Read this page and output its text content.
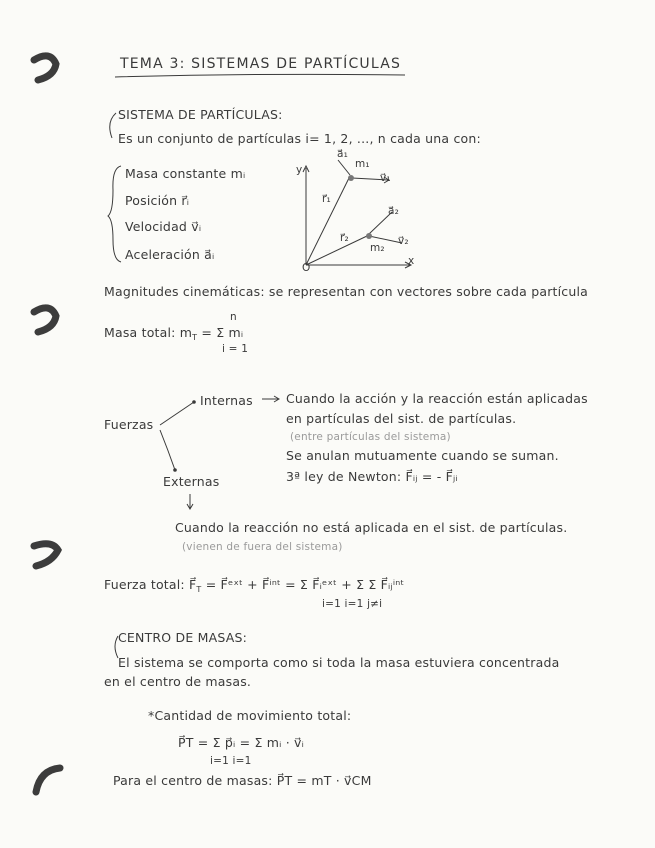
TEMA 3: SISTEMAS DE PARTÍCULAS
SISTEMA DE PARTÍCULAS:
Es un conjunto de partículas i= 1, 2, ..., n cada una con:
Masa constante mᵢ
Posición r⃗ᵢ
Velocidad v⃗ᵢ
Aceleración a⃗ᵢ
y
x
O
m₁
m₂
r⃗₁
r⃗₂
v⃗₁
v⃗₂
a⃗₁
a⃗₂
Magnitudes cinemáticas: se representan con vectores sobre cada partícula
Masa total: $m_T = \Sigma$ mᵢ
n
i = 1
Fuerzas
Internas	Cuando la acción y la reacción están aplicadas
en partículas del sist. de partículas.
(entre partículas del sistema)
Se anulan mutuamente cuando se suman.
3ª ley de Newton: F⃗ᵢⱼ = - F⃗ⱼᵢ
Externas
Cuando la reacción no está aplicada en el sist. de partículas.
(vienen de fuera del sistema)
Fuerza total: $F⃗_T$ = F⃗ᵉˣᵗ + F⃗ⁱⁿᵗ = Σ F⃗ᵢᵉˣᵗ + Σ Σ F⃗ᵢⱼⁱⁿᵗ
i=1 i=1 j≠i
CENTRO DE MASAS:
El sistema se comporta como si toda la masa estuviera concentrada
en el centro de masas.
*Cantidad de movimiento total:
P⃗T = Σ p⃗ᵢ = Σ mᵢ · v⃗ᵢ
i=1 i=1
Para el centro de masas: P⃗T = mT · v⃗CM
